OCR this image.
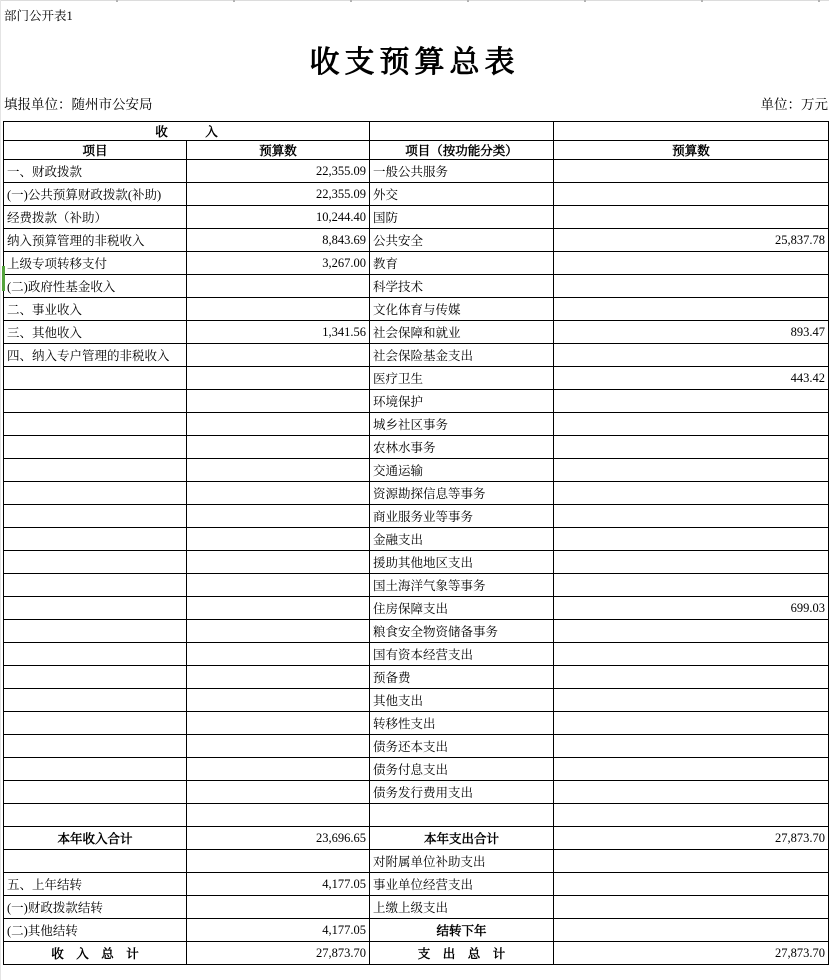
部门公开表1
收支预算总表
填报单位：随州市公安局	单位：万元
收　　　入			
项目	预算数	项目（按功能分类）	预算数
一、财政拨款	22,355.09	一般公共服务	
(一)公共预算财政拨款(补助)	22,355.09	外交	
经费拨款（补助）	10,244.40	国防	
纳入预算管理的非税收入	8,843.69	公共安全	25,837.78
上级专项转移支付	3,267.00	教育	
(二)政府性基金收入		科学技术	
二、事业收入		文化体育与传媒	
三、其他收入	1,341.56	社会保障和就业	893.47
四、纳入专户管理的非税收入		社会保险基金支出	
		医疗卫生	443.42
		环境保护	
		城乡社区事务	
		农林水事务	
		交通运输	
		资源勘探信息等事务	
		商业服务业等事务	
		金融支出	
		援助其他地区支出	
		国土海洋气象等事务	
		住房保障支出	699.03
		粮食安全物资储备事务	
		国有资本经营支出	
		预备费	
		其他支出	
		转移性支出	
		债务还本支出	
		债务付息支出	
		债务发行费用支出	

本年收入合计	23,696.65	本年支出合计	27,873.70
		对附属单位补助支出	
五、上年结转	4,177.05	事业单位经营支出	
(一)财政拨款结转		上缴上级支出	
(二)其他结转	4,177.05	结转下年	
收　入　总　计	27,873.70	支　出　总　计	27,873.70
